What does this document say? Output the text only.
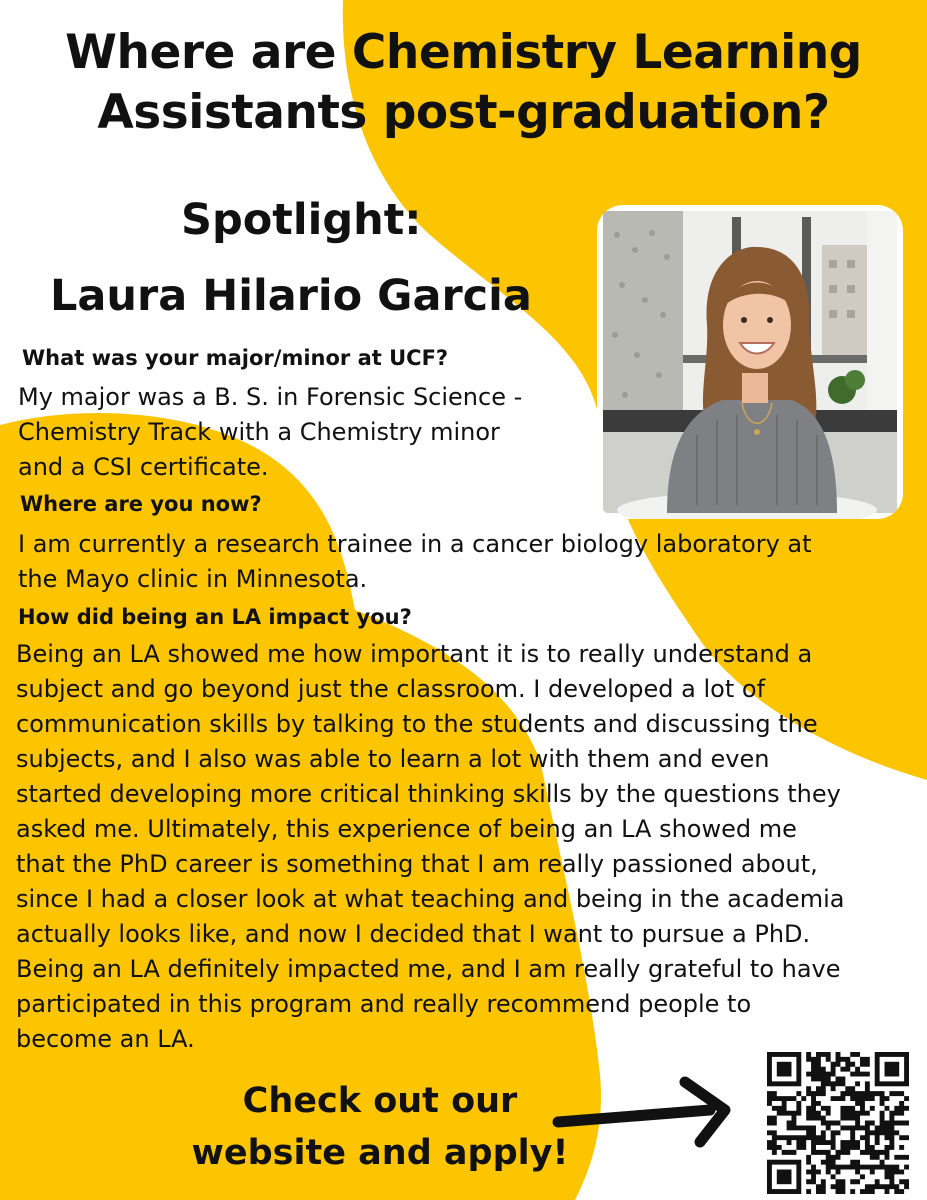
Where are Chemistry Learning
Assistants post-graduation?
Spotlight:
Laura Hilario Garcia
What was your major/minor at UCF?
My major was a B. S. in Forensic Science -
Chemistry Track with a Chemistry minor
and a CSI certificate.
Where are you now?
I am currently a research trainee in a cancer biology laboratory at
the Mayo clinic in Minnesota.
How did being an LA impact you?
Being an LA showed me how important it is to really understand a
subject and go beyond just the classroom. I developed a lot of
communication skills by talking to the students and discussing the
subjects, and I also was able to learn a lot with them and even
started developing more critical thinking skills by the questions they
asked me. Ultimately, this experience of being an LA showed me
that the PhD career is something that I am really passioned about,
since I had a closer look at what teaching and being in the academia
actually looks like, and now I decided that I want to pursue a PhD.
Being an LA definitely impacted me, and I am really grateful to have
participated in this program and really recommend people to
become an LA.
Check out our
website and apply!
